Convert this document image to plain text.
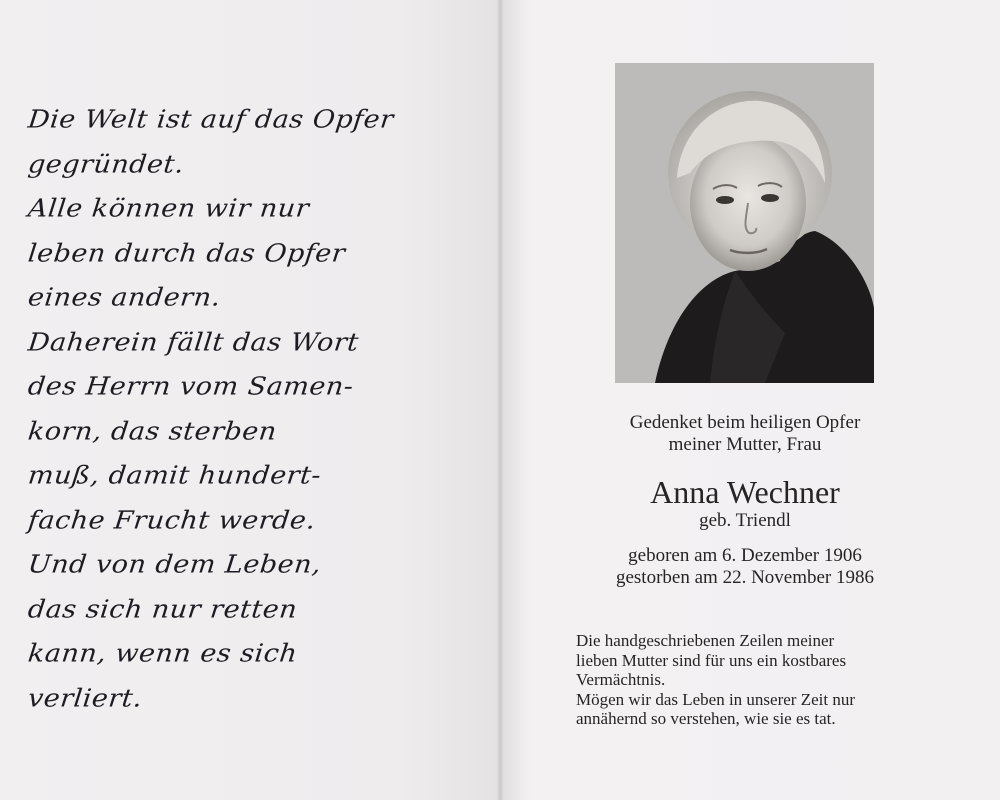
Die Welt ist auf das Opfer
gegründet.
Alle können wir nur
leben durch das Opfer
eines andern.
Daherein fällt das Wort
des Herrn vom Samen-
korn, das sterben
muß, damit hundert-
fache Frucht werde.
Und von dem Leben,
das sich nur retten
kann, wenn es sich
verliert.
Gedenket beim heiligen Opfer
meiner Mutter, Frau
Anna Wechner
geb. Triendl
geboren am 6. Dezember 1906
gestorben am 22. November 1986
Die handgeschriebenen Zeilen meiner
lieben Mutter sind für uns ein kostbares
Vermächtnis.
Mögen wir das Leben in unserer Zeit nur
annähernd so verstehen, wie sie es tat.
